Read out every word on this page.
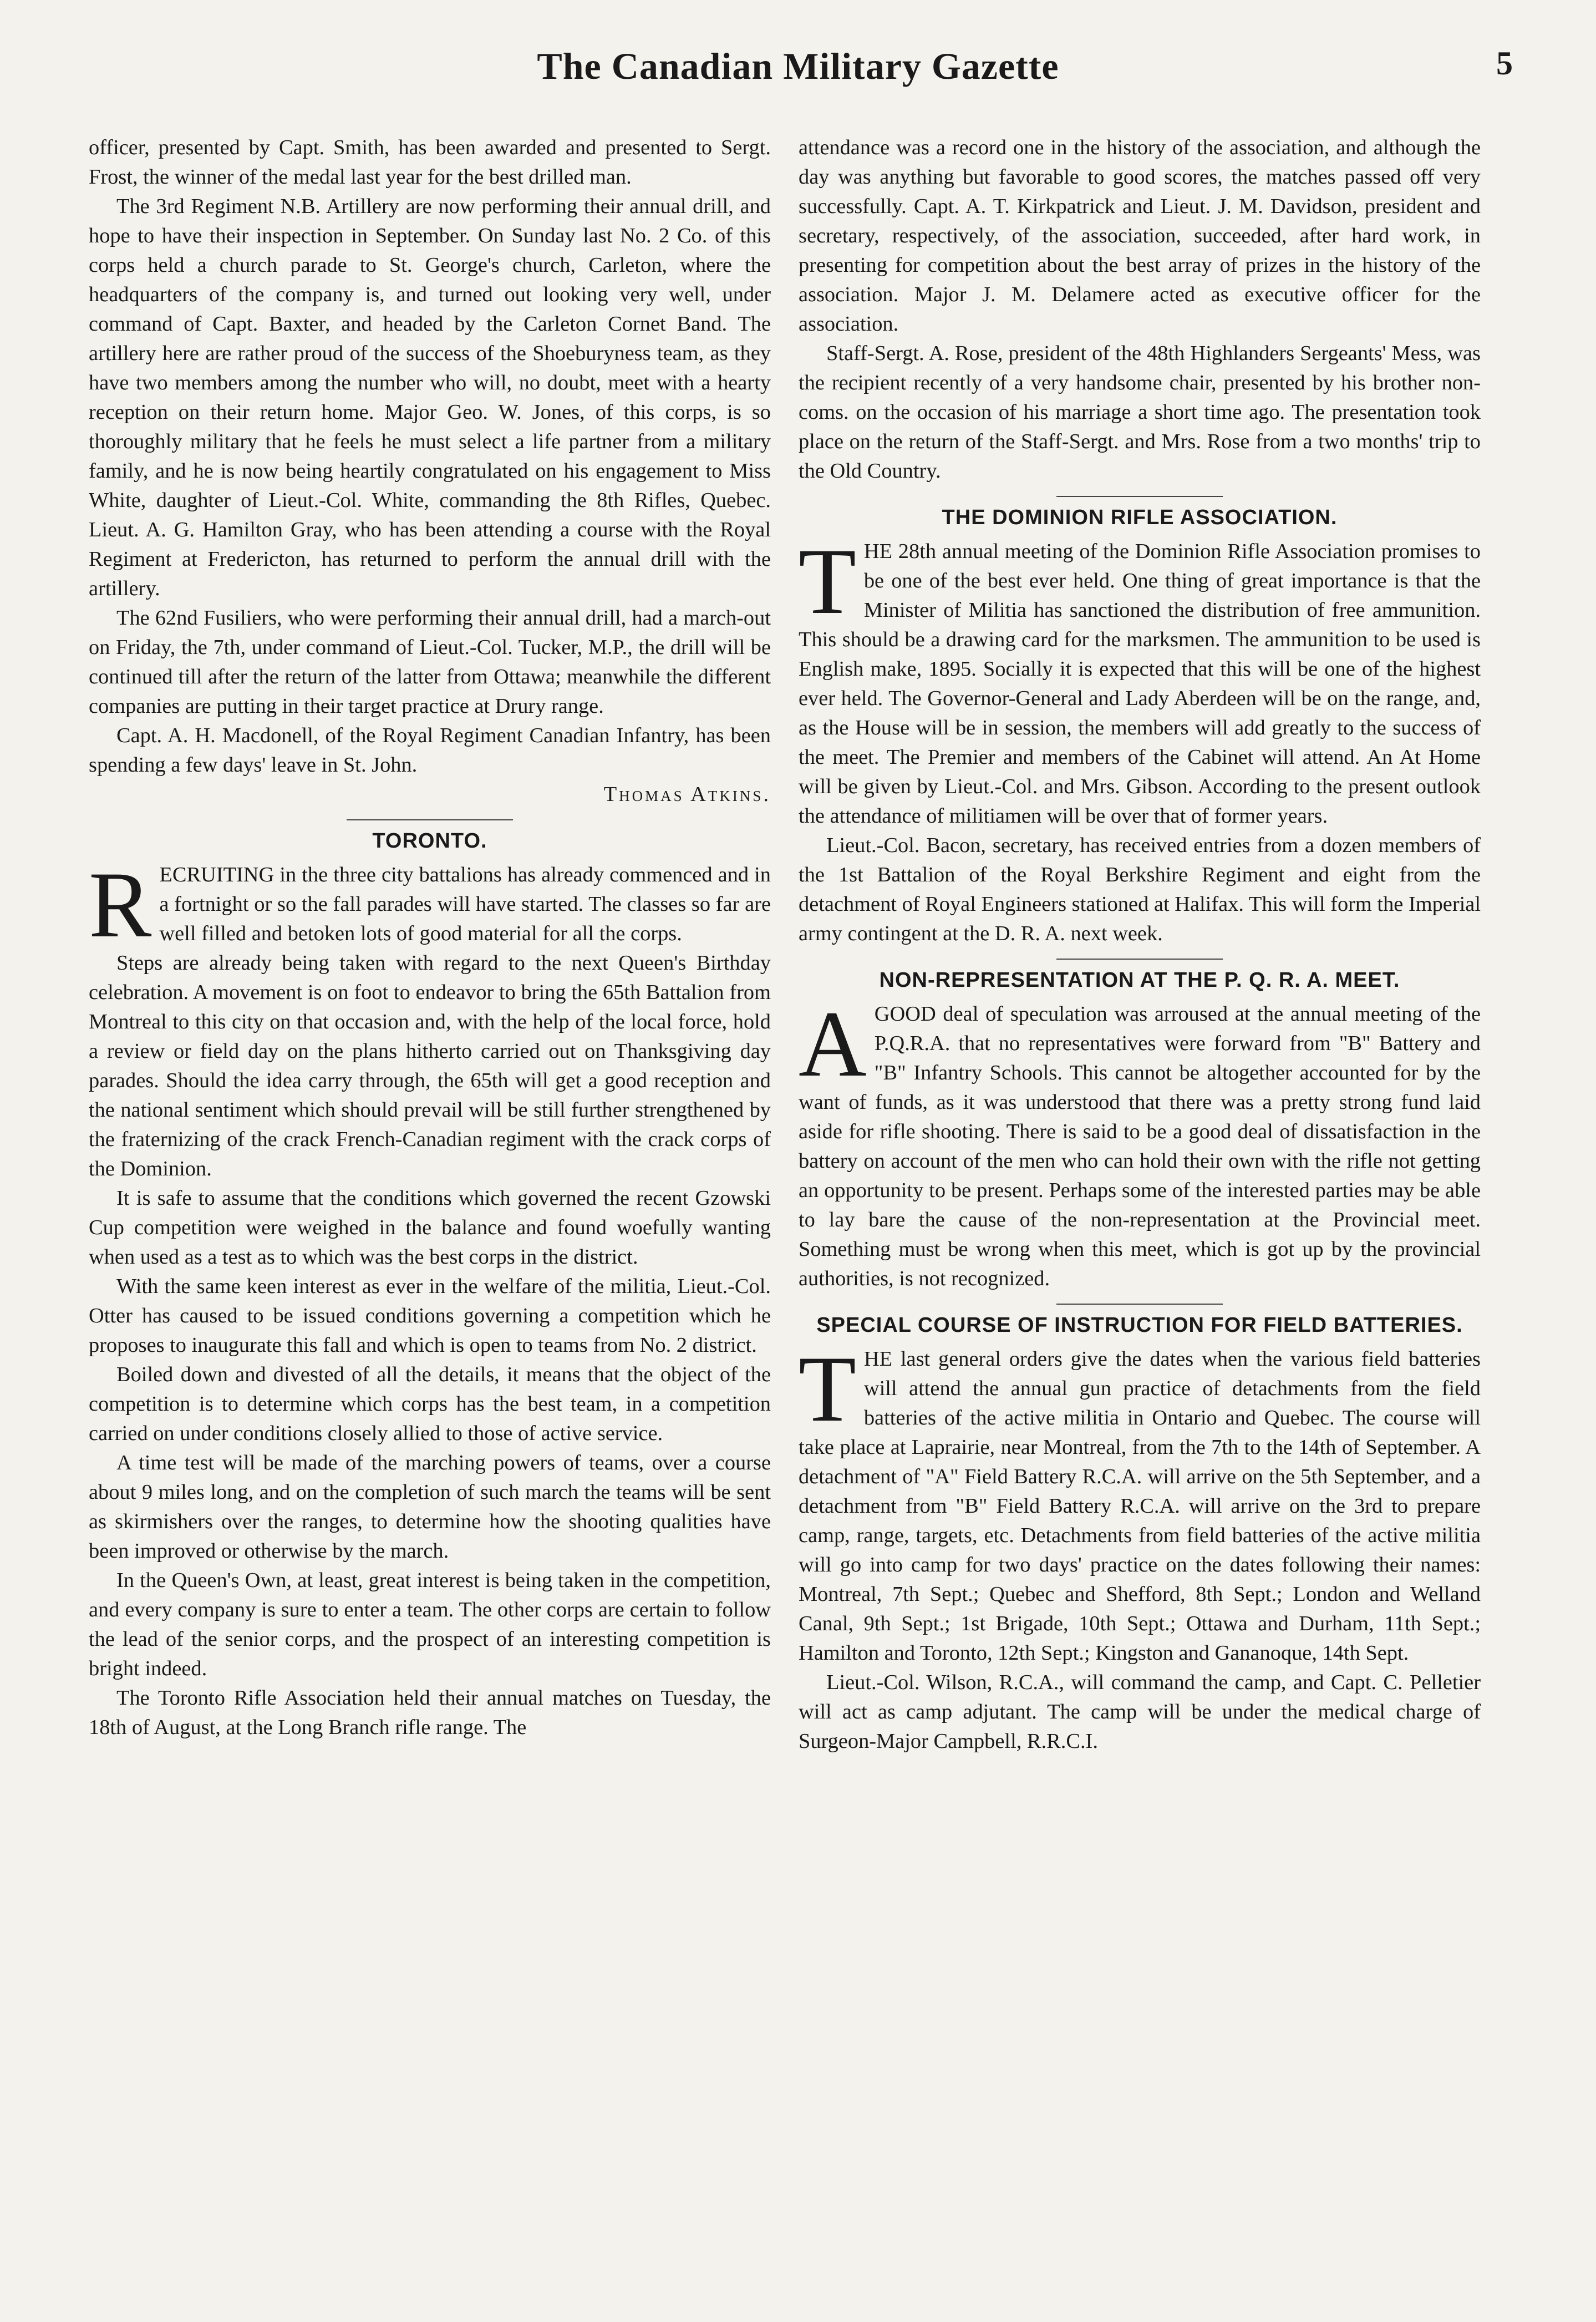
The Canadian Military Gazette	5

officer, presented by Capt. Smith, has been awarded and presented to Sergt. Frost, the winner of the medal last year for the best drilled man.

The 3rd Regiment N.B. Artillery are now performing their annual drill, and hope to have their inspection in September. On Sunday last No. 2 Co. of this corps held a church parade to St. George's church, Carleton, where the headquarters of the company is, and turned out looking very well, under command of Capt. Baxter, and headed by the Carleton Cornet Band. The artillery here are rather proud of the success of the Shoeburyness team, as they have two members among the number who will, no doubt, meet with a hearty reception on their return home. Major Geo. W. Jones, of this corps, is so thoroughly military that he feels he must select a life partner from a military family, and he is now being heartily congratulated on his engagement to Miss White, daughter of Lieut.-Col. White, commanding the 8th Rifles, Quebec. Lieut. A. G. Hamilton Gray, who has been attending a course with the Royal Regiment at Fredericton, has returned to perform the annual drill with the artillery.

The 62nd Fusiliers, who were performing their annual drill, had a march-out on Friday, the 7th, under command of Lieut.-Col. Tucker, M.P., the drill will be continued till after the return of the latter from Ottawa; meanwhile the different companies are putting in their target practice at Drury range.

Capt. A. H. Macdonell, of the Royal Regiment Canadian Infantry, has been spending a few days' leave in St. John.

Thomas Atkins.

TORONTO.

RECRUITING in the three city battalions has already commenced and in a fortnight or so the fall parades will have started. The classes so far are well filled and betoken lots of good material for all the corps.

Steps are already being taken with regard to the next Queen's Birthday celebration. A movement is on foot to endeavor to bring the 65th Battalion from Montreal to this city on that occasion and, with the help of the local force, hold a review or field day on the plans hitherto carried out on Thanksgiving day parades. Should the idea carry through, the 65th will get a good reception and the national sentiment which should prevail will be still further strengthened by the fraternizing of the crack French-Canadian regiment with the crack corps of the Dominion.

It is safe to assume that the conditions which governed the recent Gzowski Cup competition were weighed in the balance and found woefully wanting when used as a test as to which was the best corps in the district.

With the same keen interest as ever in the welfare of the militia, Lieut.-Col. Otter has caused to be issued conditions governing a competition which he proposes to inaugurate this fall and which is open to teams from No. 2 district.

Boiled down and divested of all the details, it means that the object of the competition is to determine which corps has the best team, in a competition carried on under conditions closely allied to those of active service.

A time test will be made of the marching powers of teams, over a course about 9 miles long, and on the completion of such march the teams will be sent as skirmishers over the ranges, to determine how the shooting qualities have been improved or otherwise by the march.

In the Queen's Own, at least, great interest is being taken in the competition, and every company is sure to enter a team. The other corps are certain to follow the lead of the senior corps, and the prospect of an interesting competition is bright indeed.

The Toronto Rifle Association held their annual matches on Tuesday, the 18th of August, at the Long Branch rifle range. The

attendance was a record one in the history of the association, and although the day was anything but favorable to good scores, the matches passed off very successfully. Capt. A. T. Kirkpatrick and Lieut. J. M. Davidson, president and secretary, respectively, of the association, succeeded, after hard work, in presenting for competition about the best array of prizes in the history of the association. Major J. M. Delamere acted as executive officer for the association.

Staff-Sergt. A. Rose, president of the 48th Highlanders Sergeants' Mess, was the recipient recently of a very handsome chair, presented by his brother non-coms. on the occasion of his marriage a short time ago. The presentation took place on the return of the Staff-Sergt. and Mrs. Rose from a two months' trip to the Old Country.

THE DOMINION RIFLE ASSOCIATION.

THE 28th annual meeting of the Dominion Rifle Association promises to be one of the best ever held. One thing of great importance is that the Minister of Militia has sanctioned the distribution of free ammunition. This should be a drawing card for the marksmen. The ammunition to be used is English make, 1895. Socially it is expected that this will be one of the highest ever held. The Governor-General and Lady Aberdeen will be on the range, and, as the House will be in session, the members will add greatly to the success of the meet. The Premier and members of the Cabinet will attend. An At Home will be given by Lieut.-Col. and Mrs. Gibson. According to the present outlook the attendance of militiamen will be over that of former years.

Lieut.-Col. Bacon, secretary, has received entries from a dozen members of the 1st Battalion of the Royal Berkshire Regiment and eight from the detachment of Royal Engineers stationed at Halifax. This will form the Imperial army contingent at the D. R. A. next week.

NON-REPRESENTATION AT THE P. Q. R. A. MEET.

AGOOD deal of speculation was arroused at the annual meeting of the P.Q.R.A. that no representatives were forward from "B" Battery and "B" Infantry Schools. This cannot be altogether accounted for by the want of funds, as it was understood that there was a pretty strong fund laid aside for rifle shooting. There is said to be a good deal of dissatisfaction in the battery on account of the men who can hold their own with the rifle not getting an opportunity to be present. Perhaps some of the interested parties may be able to lay bare the cause of the non-representation at the Provincial meet. Something must be wrong when this meet, which is got up by the provincial authorities, is not recognized.

SPECIAL COURSE OF INSTRUCTION FOR FIELD BATTERIES.

THE last general orders give the dates when the various field batteries will attend the annual gun practice of detachments from the field batteries of the active militia in Ontario and Quebec. The course will take place at Laprairie, near Montreal, from the 7th to the 14th of September. A detachment of "A" Field Battery R.C.A. will arrive on the 5th September, and a detachment from "B" Field Battery R.C.A. will arrive on the 3rd to prepare camp, range, targets, etc. Detachments from field batteries of the active militia will go into camp for two days' practice on the dates following their names: Montreal, 7th Sept.; Quebec and Shefford, 8th Sept.; London and Welland Canal, 9th Sept.; 1st Brigade, 10th Sept.; Ottawa and Durham, 11th Sept.; Hamilton and Toronto, 12th Sept.; Kingston and Gananoque, 14th Sept.

Lieut.-Col. Wilson, R.C.A., will command the camp, and Capt. C. Pelletier will act as camp adjutant. The camp will be under the medical charge of Surgeon-Major Campbell, R.R.C.I.
